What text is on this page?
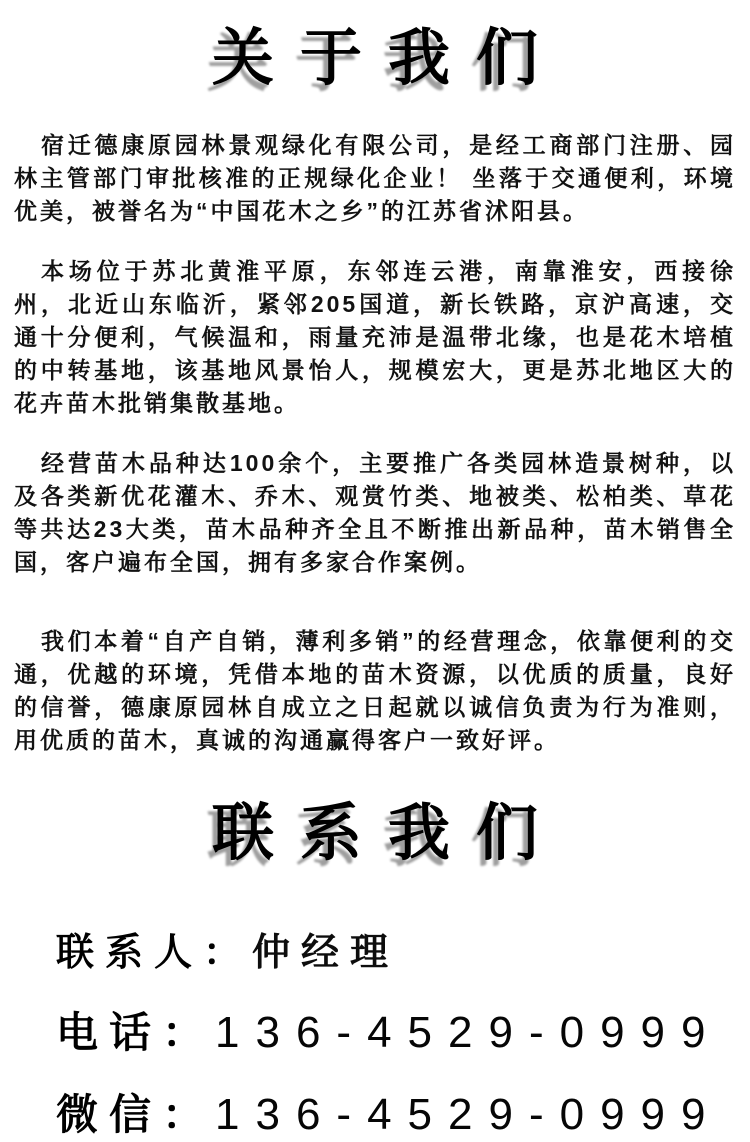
关于我们

宿迁德康原园林景观绿化有限公司，是经工商部门注册、园林主管部门审批核准的正规绿化企业！ 坐落于交通便利，环境优美，被誉名为“中国花木之乡”的江苏省沭阳县。

本场位于苏北黄淮平原，东邻连云港，南靠淮安，西接徐州，北近山东临沂，紧邻205国道，新长铁路，京沪高速，交通十分便利，气候温和，雨量充沛是温带北缘，也是花木培植的中转基地，该基地风景怡人，规模宏大，更是苏北地区大的花卉苗木批销集散基地。

经营苗木品种达100余个，主要推广各类园林造景树种，以及各类新优花灌木、乔木、观赏竹类、地被类、松柏类、草花等共达23大类，苗木品种齐全且不断推出新品种，苗木销售全国，客户遍布全国，拥有多家合作案例。

我们本着“自产自销，薄利多销”的经营理念，依靠便利的交通，优越的环境，凭借本地的苗木资源，以优质的质量，良好的信誉，德康原园林自成立之日起就以诚信负责为行为准则，用优质的苗木，真诚的沟通赢得客户一致好评。

联系我们
联系人：仲经理
电话：136-4529-0999
微信：136-4529-0999
